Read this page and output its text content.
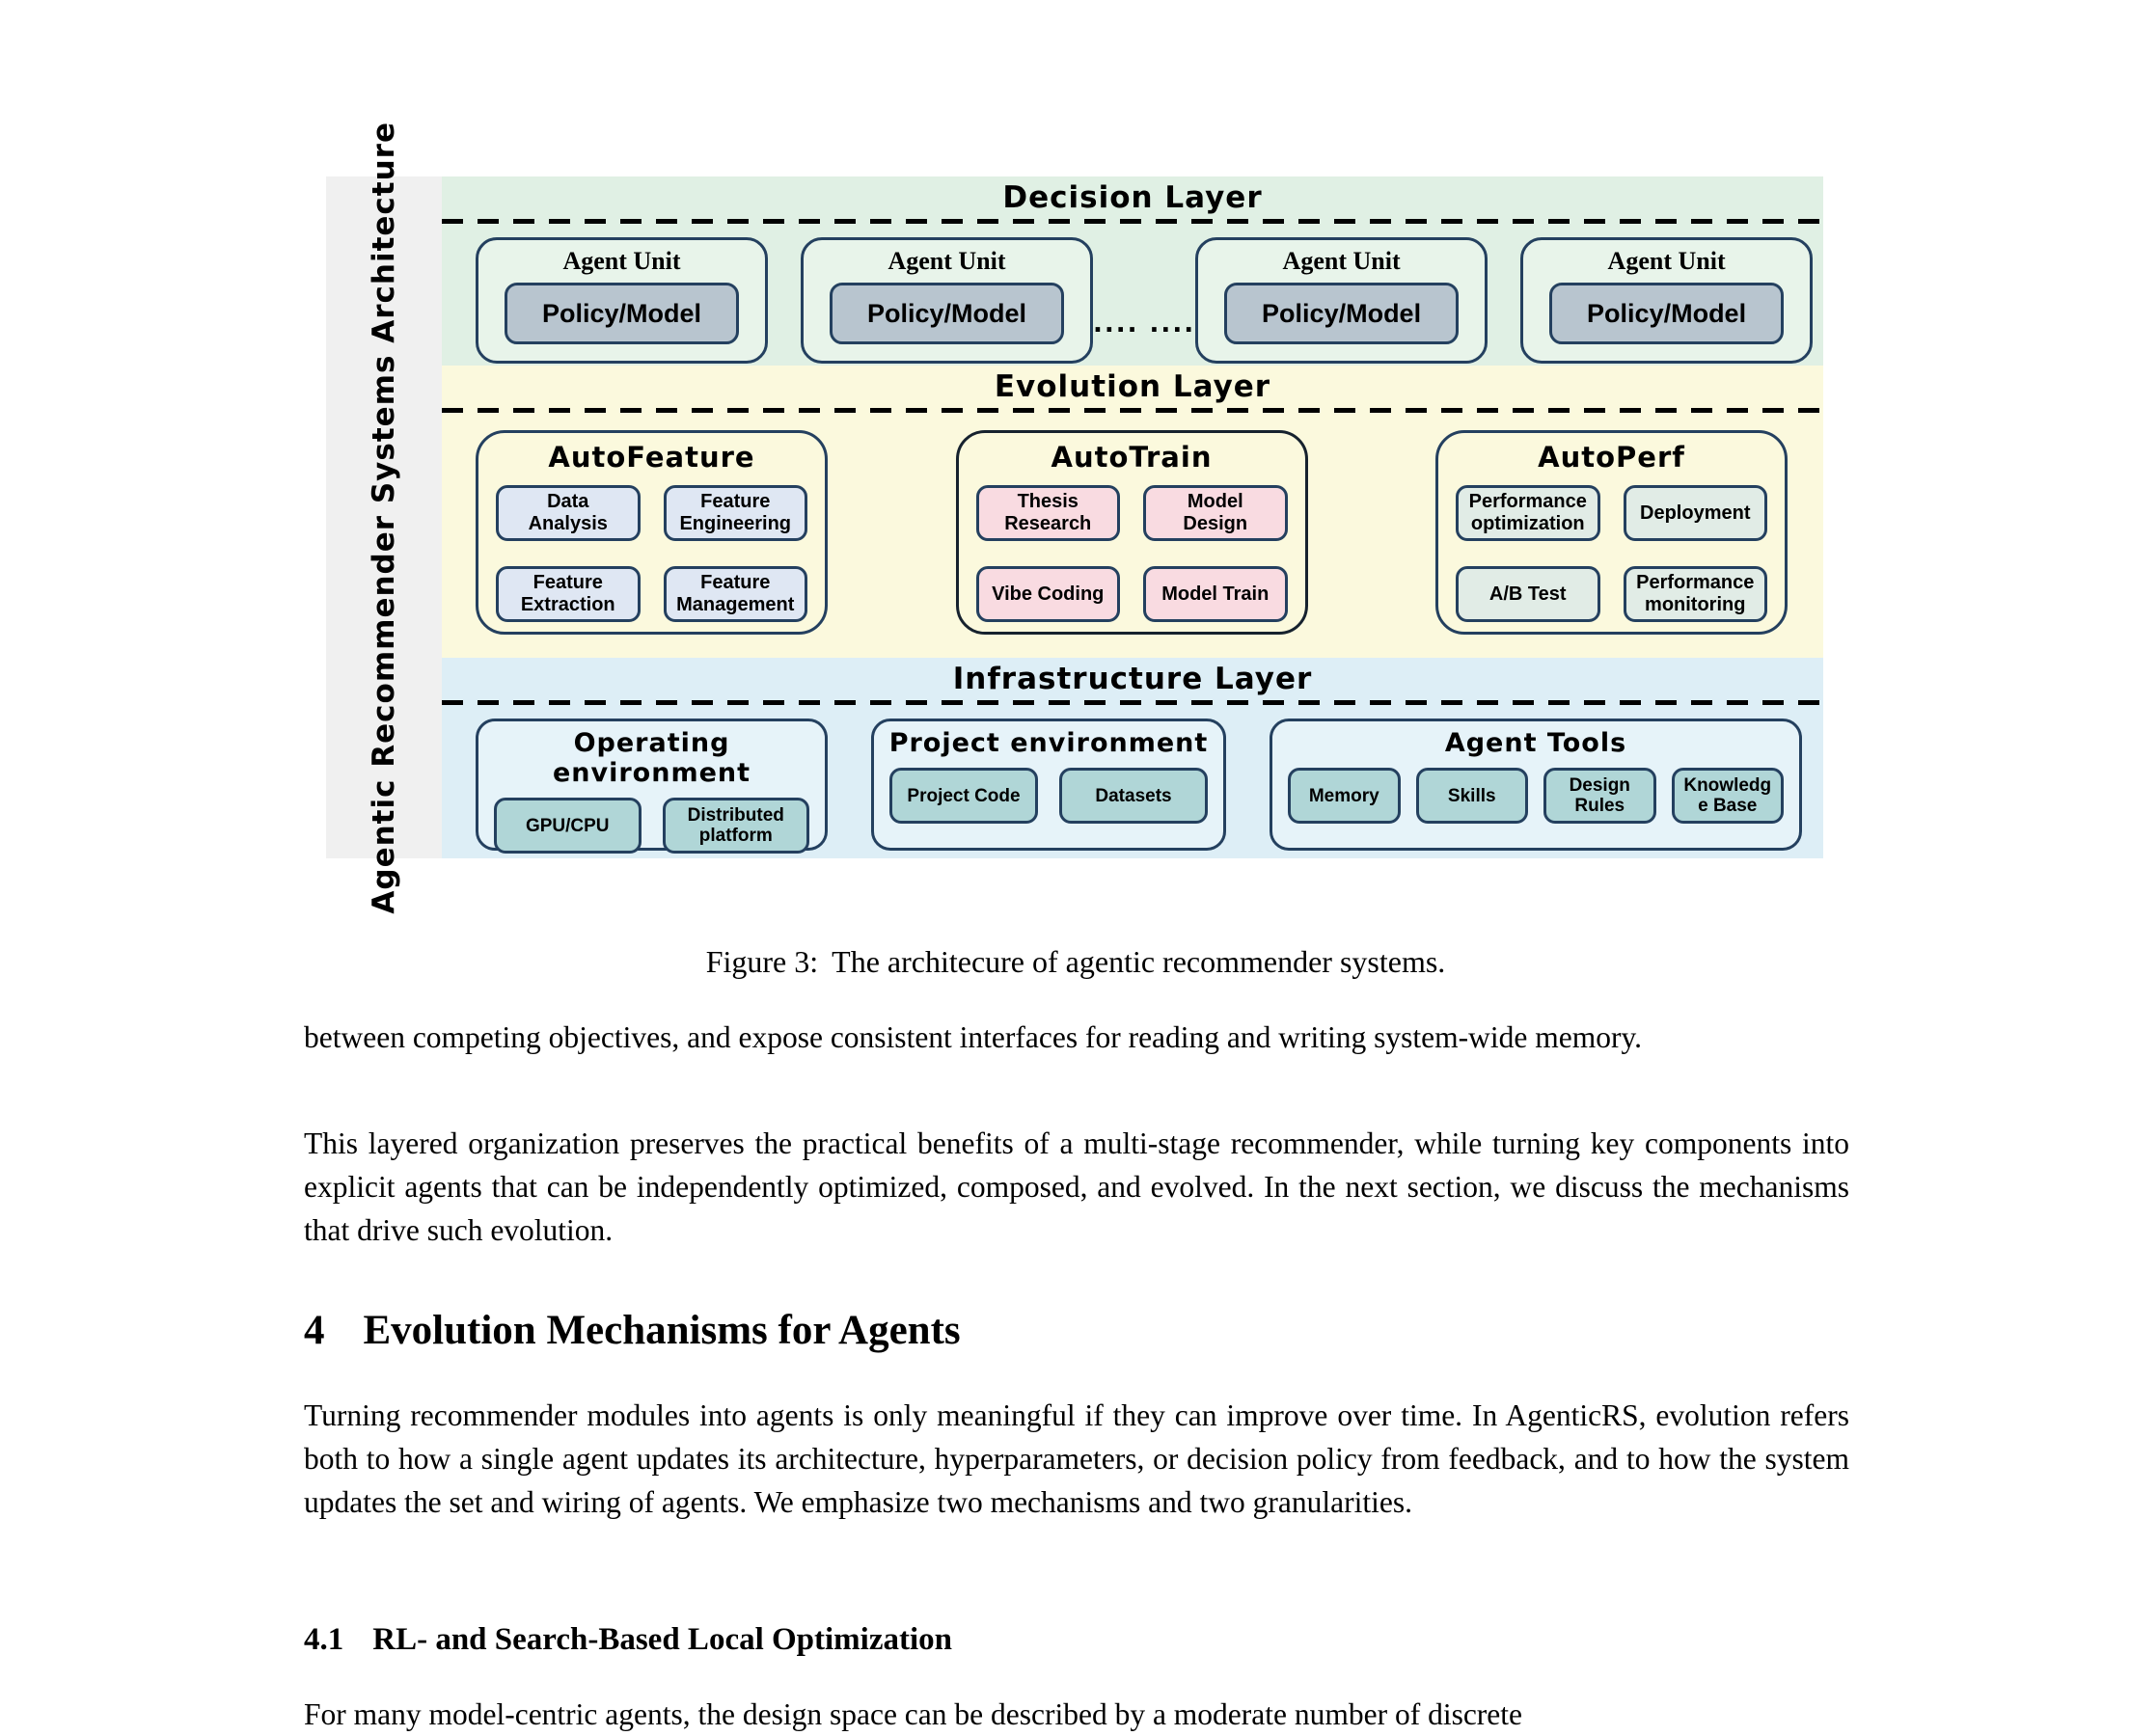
Agentic Recommender Systems Architecture	Decision Layer
Agent Unit
Policy/Model
Agent Unit
Policy/Model	.... ....
Agent Unit
Policy/Model
Agent Unit
Policy/Model
Evolution Layer
AutoFeature
Data Analysis
Feature Engineering
Feature Extraction
Feature Management
AutoTrain
Thesis Research
Model Design
Vibe Coding	Model Train
AutoPerf
Performance optimization
Deployment
A/B Test
Performance monitoring
Infrastructure Layer
Operating environment
GPU/CPU	Distributed platform
Project environment
Project Code	Datasets
Agent Tools
Memory	Skills	Design Rules
Knowledg e Base
Figure 3: The architecure of agentic recommender systems.

between competing objectives, and expose consistent interfaces for reading and writing system-wide memory.

This layered organization preserves the practical benefits of a multi-stage recommender, while turning key components into explicit agents that can be independently optimized, composed, and evolved. In the next section, we discuss the mechanisms that drive such evolution.

4 Evolution Mechanisms for Agents

Turning recommender modules into agents is only meaningful if they can improve over time. In AgenticRS, evolution refers both to how a single agent updates its architecture, hyperparameters, or decision policy from feedback, and to how the system updates the set and wiring of agents. We emphasize two mechanisms and two granularities.

4.1 RL- and Search-Based Local Optimization

For many model-centric agents, the design space can be described by a moderate number of discrete
